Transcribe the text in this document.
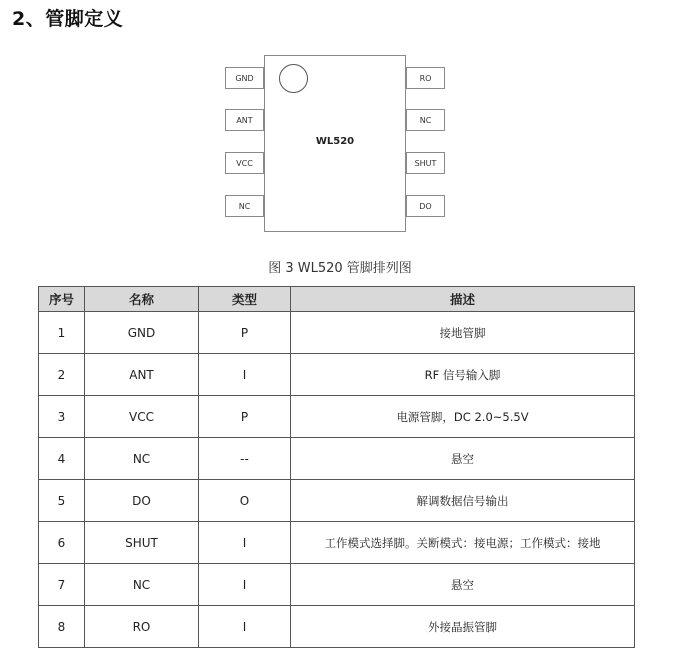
2、管脚定义
WL520
GND
ANT
VCC
NC
RO
NC
SHUT
DO
图 3 WL520 管脚排列图
序号	名称	类型	描述
1	GND	P	接地管脚
2	ANT	I	RF 信号输入脚
3	VCC	P	电源管脚，DC 2.0~5.5V
4	NC	--	悬空
5	DO	O	解调数据信号输出
6	SHUT	I	工作模式选择脚。关断模式：接电源；工作模式：接地
7	NC	I	悬空
8	RO	I	外接晶振管脚
